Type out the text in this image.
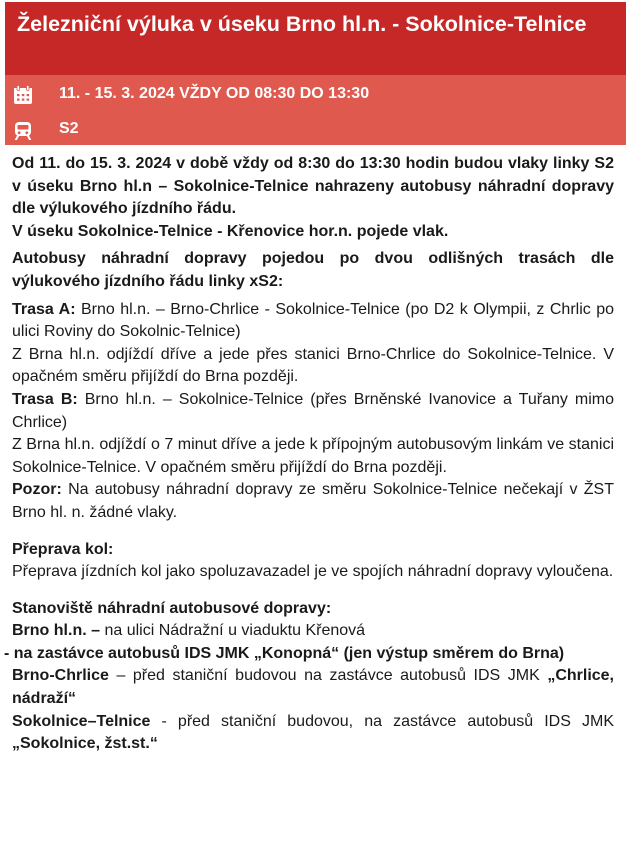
Železniční výluka v úseku Brno hl.n. - Sokolnice-Telnice
11. - 15. 3. 2024 VŽDY OD 08:30 DO 13:30
S2

Od 11. do 15. 3. 2024 v době vždy od 8:30 do 13:30 hodin budou vlaky linky S2 v úseku Brno hl.n – Sokolnice-Telnice nahrazeny autobusy náhradní dopravy dle výlukového jízdního řádu.

V úseku Sokolnice-Telnice - Křenovice hor.n. pojede vlak.

Autobusy náhradní dopravy pojedou po dvou odlišných trasách dle výlukového jízdního řádu linky xS2:

Trasa A: Brno hl.n. – Brno-Chrlice - Sokolnice-Telnice (po D2 k Olympii, z Chrlic po ulici Roviny do Sokolnic-Telnice)

Z Brna hl.n. odjíždí dříve a jede přes stanici Brno-Chrlice do Sokolnice-Telnice. V opačném směru přijíždí do Brna později.

Trasa B: Brno hl.n. – Sokolnice-Telnice (přes Brněnské Ivanovice a Tuřany mimo Chrlice)

Z Brna hl.n. odjíždí o 7 minut dříve a jede k přípojným autobusovým linkám ve stanici Sokolnice-Telnice. V opačném směru přijíždí do Brna později.

Pozor: Na autobusy náhradní dopravy ze směru Sokolnice-Telnice nečekají v ŽST Brno hl. n. žádné vlaky.

Přeprava kol:

Přeprava jízdních kol jako spoluzavazadel je ve spojích náhradní dopravy vyloučena.

Stanoviště náhradní autobusové dopravy:

Brno hl.n. – na ulici Nádražní u viaduktu Křenová

- na zastávce autobusů IDS JMK „Konopná“ (jen výstup směrem do Brna)

Brno-Chrlice – před staniční budovou na zastávce autobusů IDS JMK „Chrlice, nádraží“

Sokolnice–Telnice - před staniční budovou, na zastávce autobusů IDS JMK „Sokolnice, žst.st.“
